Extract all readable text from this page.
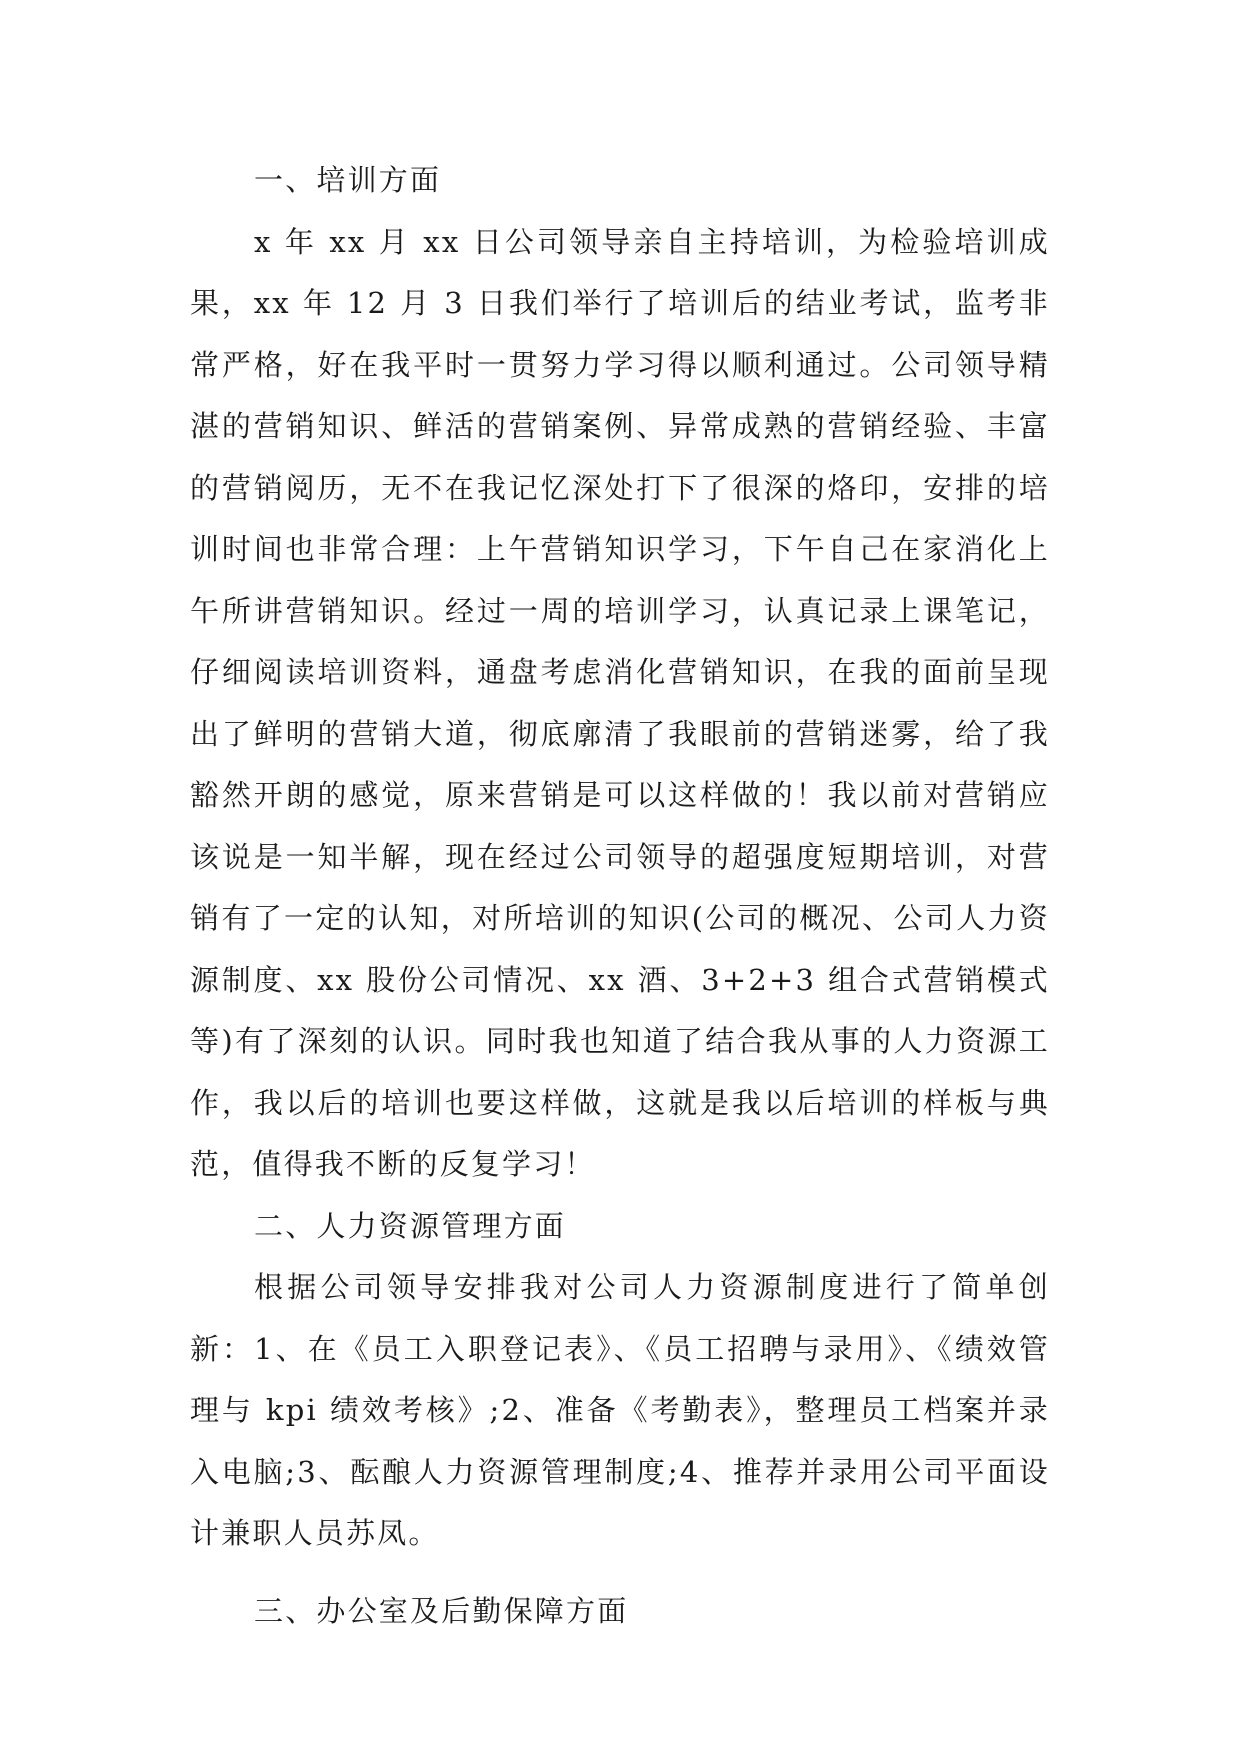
一、培训方面

x 年 xx 月 xx 日公司领导亲自主持培训，为检验培训成果，xx 年 12 月 3 日我们举行了培训后的结业考试，监考非常严格，好在我平时一贯努力学习得以顺利通过。公司领导精湛的营销知识、鲜活的营销案例、异常成熟的营销经验、丰富的营销阅历，无不在我记忆深处打下了很深的烙印，安排的培训时间也非常合理：上午营销知识学习，下午自己在家消化上午所讲营销知识。经过一周的培训学习，认真记录上课笔记，仔细阅读培训资料，通盘考虑消化营销知识，在我的面前呈现出了鲜明的营销大道，彻底廓清了我眼前的营销迷雾，给了我豁然开朗的感觉，原来营销是可以这样做的！我以前对营销应该说是一知半解，现在经过公司领导的超强度短期培训，对营销有了一定的认知，对所培训的知识(公司的概况、公司人力资源制度、xx 股份公司情况、xx 酒、3+2+3 组合式营销模式等)有了深刻的认识。同时我也知道了结合我从事的人力资源工作，我以后的培训也要这样做，这就是我以后培训的样板与典范，值得我不断的反复学习！

二、人力资源管理方面

根据公司领导安排我对公司人力资源制度进行了简单创新：1、在《员工入职登记表》、《员工招聘与录用》、《绩效管理与 kpi 绩效考核》;2、准备《考勤表》，整理员工档案并录入电脑;3、酝酿人力资源管理制度;4、推荐并录用公司平面设计兼职人员苏凤。

三、办公室及后勤保障方面
